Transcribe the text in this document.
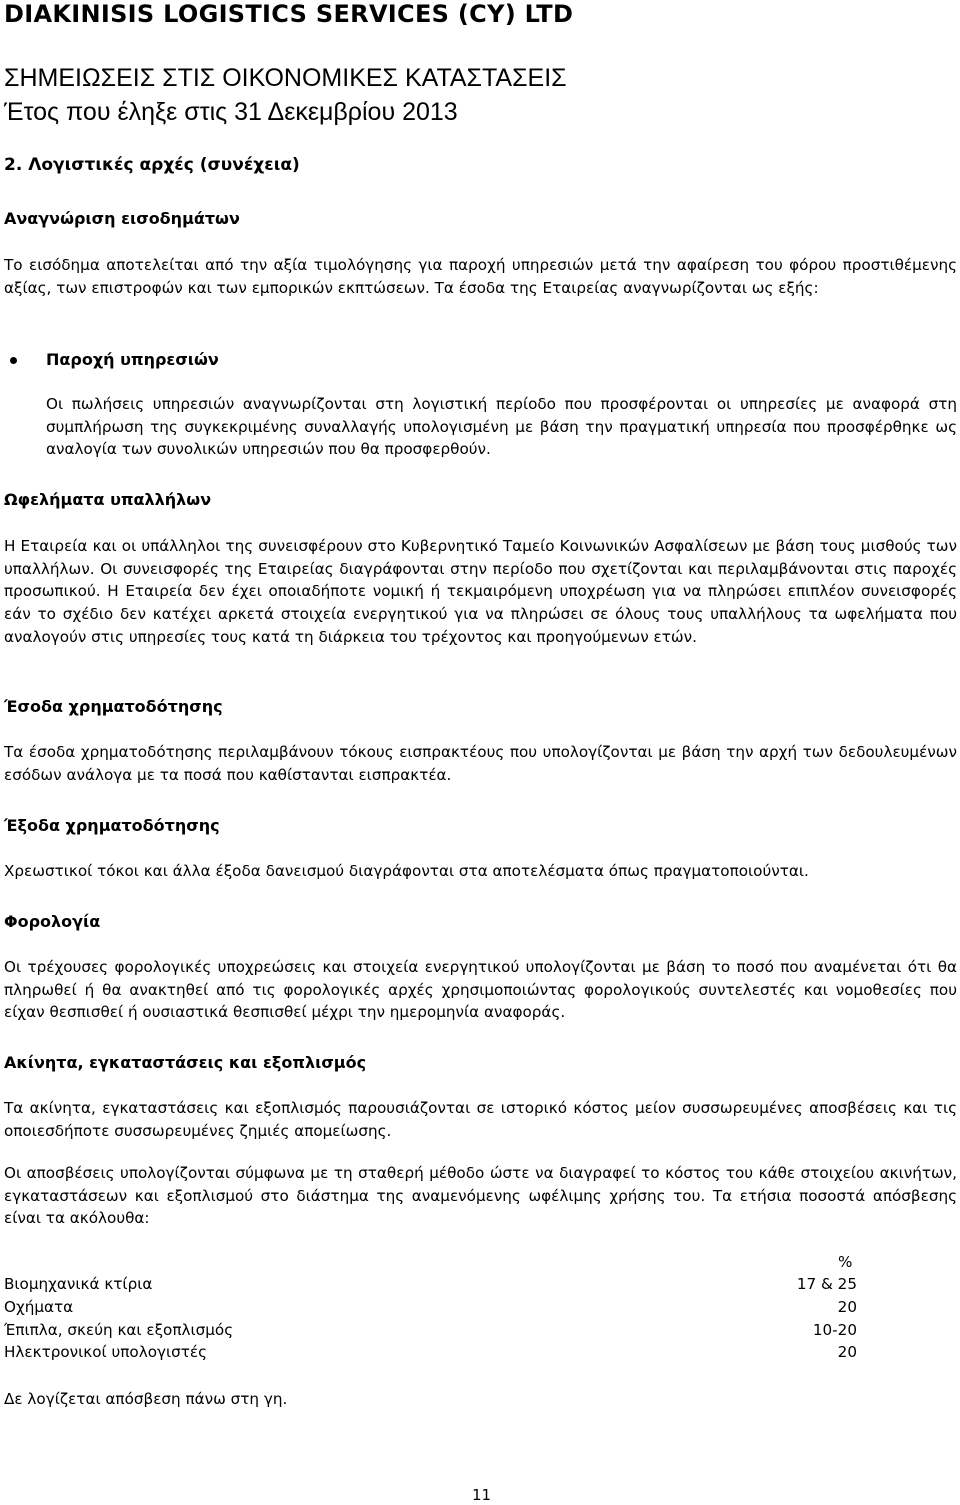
DIAKINISIS LOGISTICS SERVICES (CY) LTD
ΣΗΜΕΙΩΣΕΙΣ ΣΤΙΣ ΟΙΚΟΝΟΜΙΚΕΣ ΚΑΤΑΣΤΑΣΕΙΣ
Έτος που έληξε στις 31 Δεκεμβρίου 2013
2. Λογιστικές αρχές (συνέχεια)
Αναγνώριση εισοδημάτων
Το εισόδημα αποτελείται από την αξία τιμολόγησης για παροχή υπηρεσιών μετά την αφαίρεση του φόρου προστιθέμενης αξίας, των επιστροφών και των εμπορικών εκπτώσεων. Τα έσοδα της Εταιρείας αναγνωρίζονται ως εξής:
Παροχή υπηρεσιών
Οι πωλήσεις υπηρεσιών αναγνωρίζονται στη λογιστική περίοδο που προσφέρονται οι υπηρεσίες με αναφορά στη συμπλήρωση της συγκεκριμένης συναλλαγής υπολογισμένη με βάση την πραγματική υπηρεσία που προσφέρθηκε ως αναλογία των συνολικών υπηρεσιών που θα προσφερθούν.
Ωφελήματα υπαλλήλων
Η Εταιρεία και οι υπάλληλοι της συνεισφέρουν στο Κυβερνητικό Ταμείο Κοινωνικών Ασφαλίσεων με βάση τους μισθούς των υπαλλήλων. Οι συνεισφορές της Εταιρείας διαγράφονται στην περίοδο που σχετίζονται και περιλαμβάνονται στις παροχές προσωπικού. Η Εταιρεία δεν έχει οποιαδήποτε νομική ή τεκμαιρόμενη υποχρέωση για να πληρώσει επιπλέον συνεισφορές εάν το σχέδιο δεν κατέχει αρκετά στοιχεία ενεργητικού για να πληρώσει σε όλους τους υπαλλήλους τα ωφελήματα που αναλογούν στις υπηρεσίες τους κατά τη διάρκεια του τρέχοντος και προηγούμενων ετών.
Έσοδα χρηματοδότησης
Τα έσοδα χρηματοδότησης περιλαμβάνουν τόκους εισπρακτέους που υπολογίζονται με βάση την αρχή των δεδουλευμένων εσόδων ανάλογα με τα ποσά που καθίστανται εισπρακτέα.
Έξοδα χρηματοδότησης
Χρεωστικοί τόκοι και άλλα έξοδα δανεισμού διαγράφονται στα αποτελέσματα όπως πραγματοποιούνται.
Φορολογία
Οι τρέχουσες φορολογικές υποχρεώσεις και στοιχεία ενεργητικού υπολογίζονται με βάση το ποσό που αναμένεται ότι θα πληρωθεί ή θα ανακτηθεί από τις φορολογικές αρχές χρησιμοποιώντας φορολογικούς συντελεστές και νομοθεσίες που είχαν θεσπισθεί ή ουσιαστικά θεσπισθεί μέχρι την ημερομηνία αναφοράς.
Ακίνητα, εγκαταστάσεις και εξοπλισμός
Τα ακίνητα, εγκαταστάσεις και εξοπλισμός παρουσιάζονται σε ιστορικό κόστος μείον συσσωρευμένες αποσβέσεις και τις οποιεσδήποτε συσσωρευμένες ζημιές απομείωσης.
Οι αποσβέσεις υπολογίζονται σύμφωνα με τη σταθερή μέθοδο ώστε να διαγραφεί το κόστος του κάθε στοιχείου ακινήτων, εγκαταστάσεων και εξοπλισμού στο διάστημα της αναμενόμενης ωφέλιμης χρήσης του. Τα ετήσια ποσοστά απόσβεσης είναι τα ακόλουθα:
%
Βιομηχανικά κτίρια	17 & 25
Οχήματα	20
Έπιπλα, σκεύη και εξοπλισμός	10-20
Ηλεκτρονικοί υπολογιστές	20
Δε λογίζεται απόσβεση πάνω στη γη.
11
